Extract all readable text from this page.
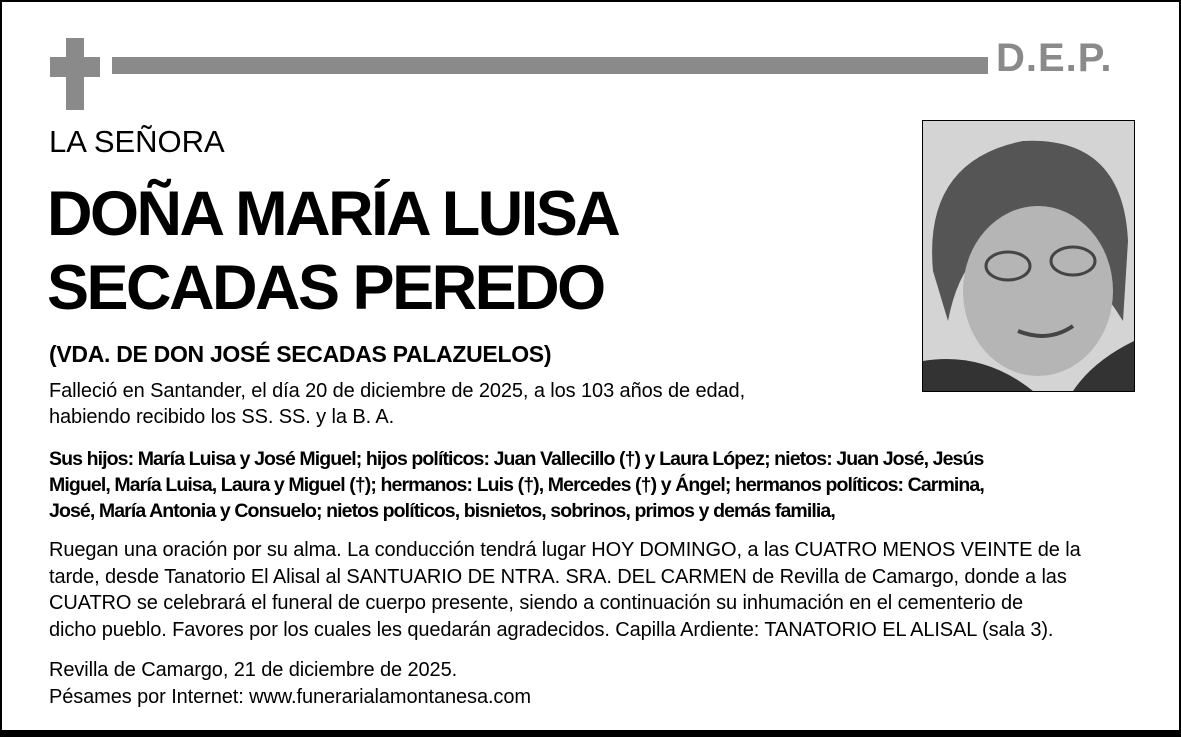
D.E.P.
LA SEÑORA
DOÑA MARÍA LUISA
SECADAS PEREDO
(VDA. DE DON JOSÉ SECADAS PALAZUELOS)
Falleció en Santander, el día 20 de diciembre de 2025, a los 103 años de edad,
habiendo recibido los SS. SS. y la B. A.
Sus hijos: María Luisa y José Miguel; hijos políticos: Juan Vallecillo (†) y Laura López; nietos: Juan José, Jesús
Miguel, María Luisa, Laura y Miguel (†); hermanos: Luis (†), Mercedes (†) y Ángel; hermanos políticos: Carmina,
José, María Antonia y Consuelo; nietos políticos, bisnietos, sobrinos, primos y demás familia,
Ruegan una oración por su alma. La conducción tendrá lugar HOY DOMINGO, a las CUATRO MENOS VEINTE de la
tarde, desde Tanatorio El Alisal al SANTUARIO DE NTRA. SRA. DEL CARMEN de Revilla de Camargo, donde a las
CUATRO se celebrará el funeral de cuerpo presente, siendo a continuación su inhumación en el cementerio de
dicho pueblo. Favores por los cuales les quedarán agradecidos. Capilla Ardiente: TANATORIO EL ALISAL (sala 3).
Revilla de Camargo, 21 de diciembre de 2025.
Pésames por Internet: www.funerarialamontanesa.com
